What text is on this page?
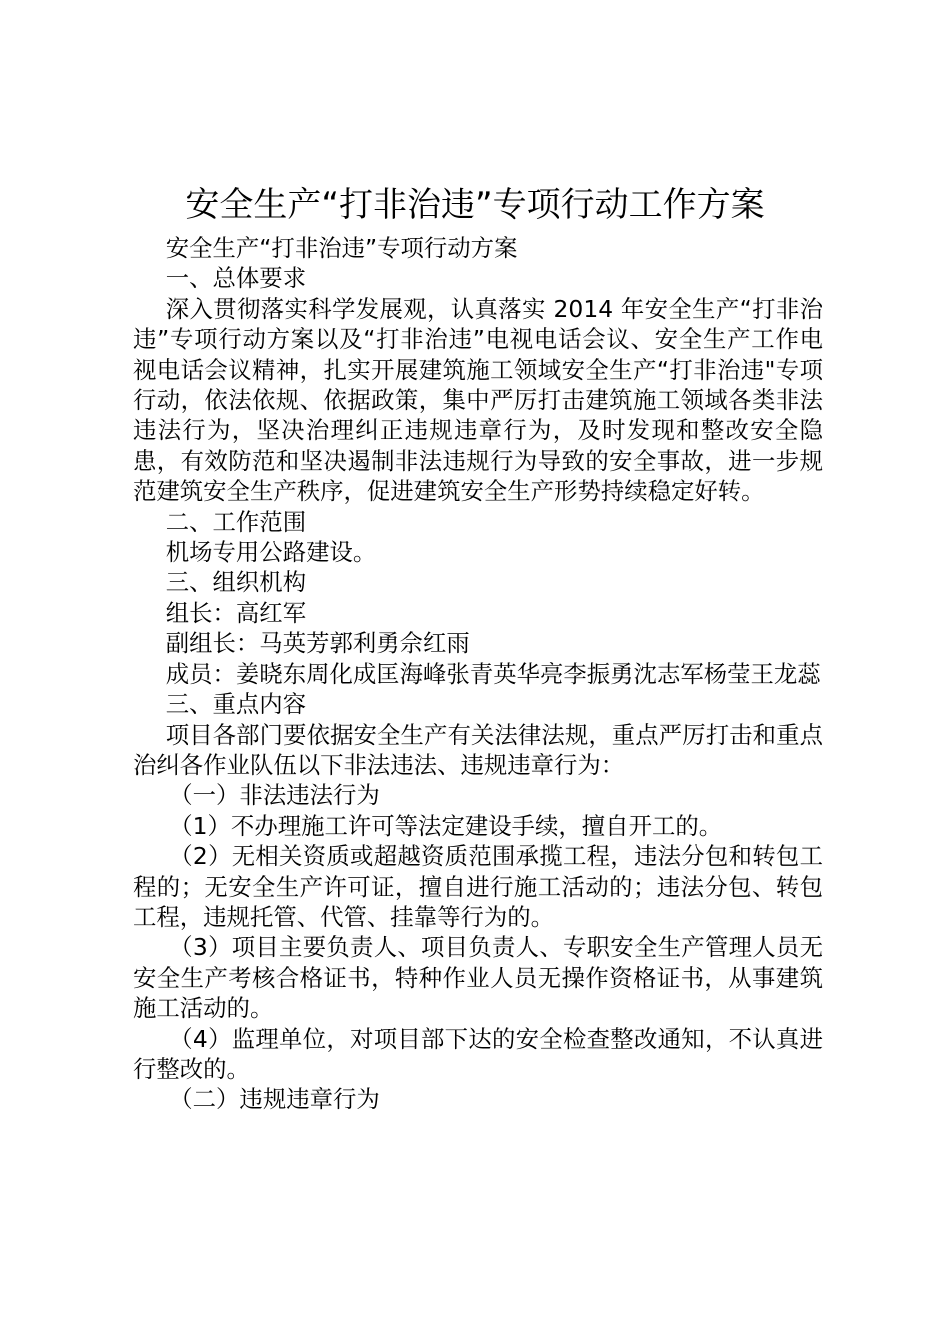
安全生产“打非治违”专项行动工作方案

安全生产“打非治违”专项行动方案

一、总体要求

深入贯彻落实科学发展观，认真落实 2014 年安全生产“打非治违”专项行动方案以及“打非治违”电视电话会议、安全生产工作电视电话会议精神，扎实开展建筑施工领域安全生产“打非治违"专项行动，依法依规、依据政策，集中严厉打击建筑施工领域各类非法违法行为，坚决治理纠正违规违章行为，及时发现和整改安全隐患，有效防范和坚决遏制非法违规行为导致的安全事故，进一步规范建筑安全生产秩序，促进建筑安全生产形势持续稳定好转。

二、工作范围

机场专用公路建设。

三、组织机构

组长：高红军

副组长：马英芳郭利勇佘红雨

成员：姜晓东周化成匡海峰张青英华亮李振勇沈志军杨莹王龙蕊

三、重点内容

项目各部门要依据安全生产有关法律法规，重点严厉打击和重点治纠各作业队伍以下非法违法、违规违章行为：

（一）非法违法行为

（1）不办理施工许可等法定建设手续，擅自开工的。

（2）无相关资质或超越资质范围承揽工程，违法分包和转包工程的；无安全生产许可证，擅自进行施工活动的；违法分包、转包工程，违规托管、代管、挂靠等行为的。

（3）项目主要负责人、项目负责人、专职安全生产管理人员无安全生产考核合格证书，特种作业人员无操作资格证书，从事建筑施工活动的。

（4）监理单位，对项目部下达的安全检查整改通知，不认真进行整改的。

（二）违规违章行为
